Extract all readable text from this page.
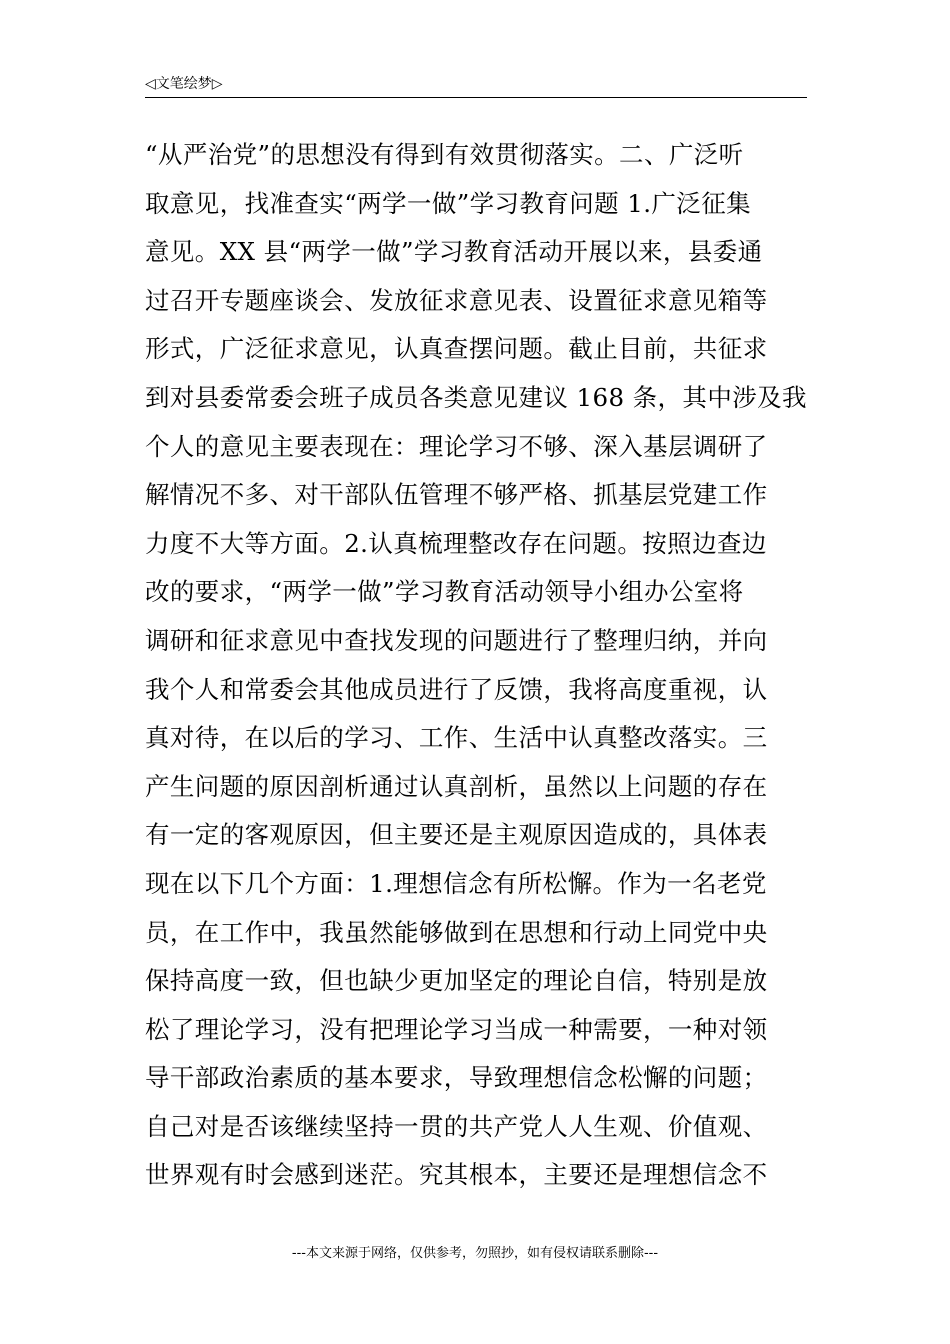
◁文笔绘梦▷
“从严治党”的思想没有得到有效贯彻落实。二、广泛听
取意见，找准查实“两学一做”学习教育问题 1.广泛征集
意见。XX 县“两学一做”学习教育活动开展以来，县委通
过召开专题座谈会、发放征求意见表、设置征求意见箱等
形式，广泛征求意见，认真查摆问题。截止目前，共征求
到对县委常委会班子成员各类意见建议 168 条，其中涉及我
个人的意见主要表现在：理论学习不够、深入基层调研了
解情况不多、对干部队伍管理不够严格、抓基层党建工作
力度不大等方面。2.认真梳理整改存在问题。按照边查边
改的要求，“两学一做”学习教育活动领导小组办公室将
调研和征求意见中查找发现的问题进行了整理归纳，并向
我个人和常委会其他成员进行了反馈，我将高度重视，认
真对待，在以后的学习、工作、生活中认真整改落实。三
产生问题的原因剖析通过认真剖析，虽然以上问题的存在
有一定的客观原因，但主要还是主观原因造成的，具体表
现在以下几个方面：1.理想信念有所松懈。作为一名老党
员，在工作中，我虽然能够做到在思想和行动上同党中央
保持高度一致，但也缺少更加坚定的理论自信，特别是放
松了理论学习，没有把理论学习当成一种需要，一种对领
导干部政治素质的基本要求，导致理想信念松懈的问题；
自己对是否该继续坚持一贯的共产党人人生观、价值观、
世界观有时会感到迷茫。究其根本，主要还是理想信念不
---本文来源于网络，仅供参考，勿照抄，如有侵权请联系删除---
